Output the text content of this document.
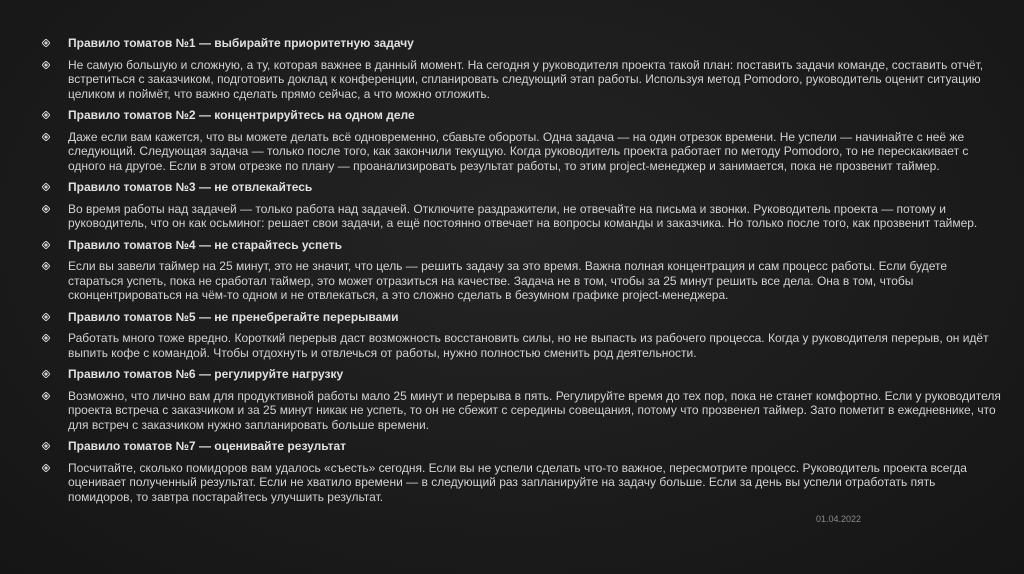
Правило томатов №1 — выбирайте приоритетную задачу
Не самую большую и сложную, а ту, которая важнее в данный момент. На сегодня у руководителя проекта такой план: поставить задачи команде, составить отчёт, встретиться с заказчиком, подготовить доклад к конференции, спланировать следующий этап работы. Используя метод Pomodoro, руководитель оценит ситуацию целиком и поймёт, что важно сделать прямо сейчас, а что можно отложить.
Правило томатов №2 — концентрируйтесь на одном деле
Даже если вам кажется, что вы можете делать всё одновременно, сбавьте обороты. Одна задача — на один отрезок времени. Не успели — начинайте с неё же следующий. Следующая задача — только после того, как закончили текущую. Когда руководитель проекта работает по методу Pomodoro, то не перескакивает с одного на другое. Если в этом отрезке по плану — проанализировать результат работы, то этим project-менеджер и занимается, пока не прозвенит таймер.
Правило томатов №3 — не отвлекайтесь
Во время работы над задачей — только работа над задачей. Отключите раздражители, не отвечайте на письма и звонки. Руководитель проекта — потому и руководитель, что он как осьминог: решает свои задачи, а ещё постоянно отвечает на вопросы команды и заказчика. Но только после того, как прозвенит таймер.
Правило томатов №4 — не старайтесь успеть
Если вы завели таймер на 25 минут, это не значит, что цель — решить задачу за это время. Важна полная концентрация и сам процесс работы. Если будете стараться успеть, пока не сработал таймер, это может отразиться на качестве. Задача не в том, чтобы за 25 минут решить все дела. Она в том, чтобы сконцентрироваться на чём-то одном и не отвлекаться, а это сложно сделать в безумном графике project-менеджера.
Правило томатов №5 — не пренебрегайте перерывами
Работать много тоже вредно. Короткий перерыв даст возможность восстановить силы, но не выпасть из рабочего процесса. Когда у руководителя перерыв, он идёт выпить кофе с командой. Чтобы отдохнуть и отвлечься от работы, нужно полностью сменить род деятельности.
Правило томатов №6 — регулируйте нагрузку
Возможно, что лично вам для продуктивной работы мало 25 минут и перерыва в пять. Регулируйте время до тех пор, пока не станет комфортно. Если у руководителя проекта встреча с заказчиком и за 25 минут никак не успеть, то он не сбежит с середины совещания, потому что прозвенел таймер. Зато пометит в ежедневнике, что для встреч с заказчиком нужно запланировать больше времени.
Правило томатов №7 — оценивайте результат
Посчитайте, сколько помидоров вам удалось «съесть» сегодня. Если вы не успели сделать что-то важное, пересмотрите процесс. Руководитель проекта всегда оценивает полученный результат. Если не хватило времени — в следующий раз запланируйте на задачу больше. Если за день вы успели отработать пять помидоров, то завтра постарайтесь улучшить результат.
01.04.2022
